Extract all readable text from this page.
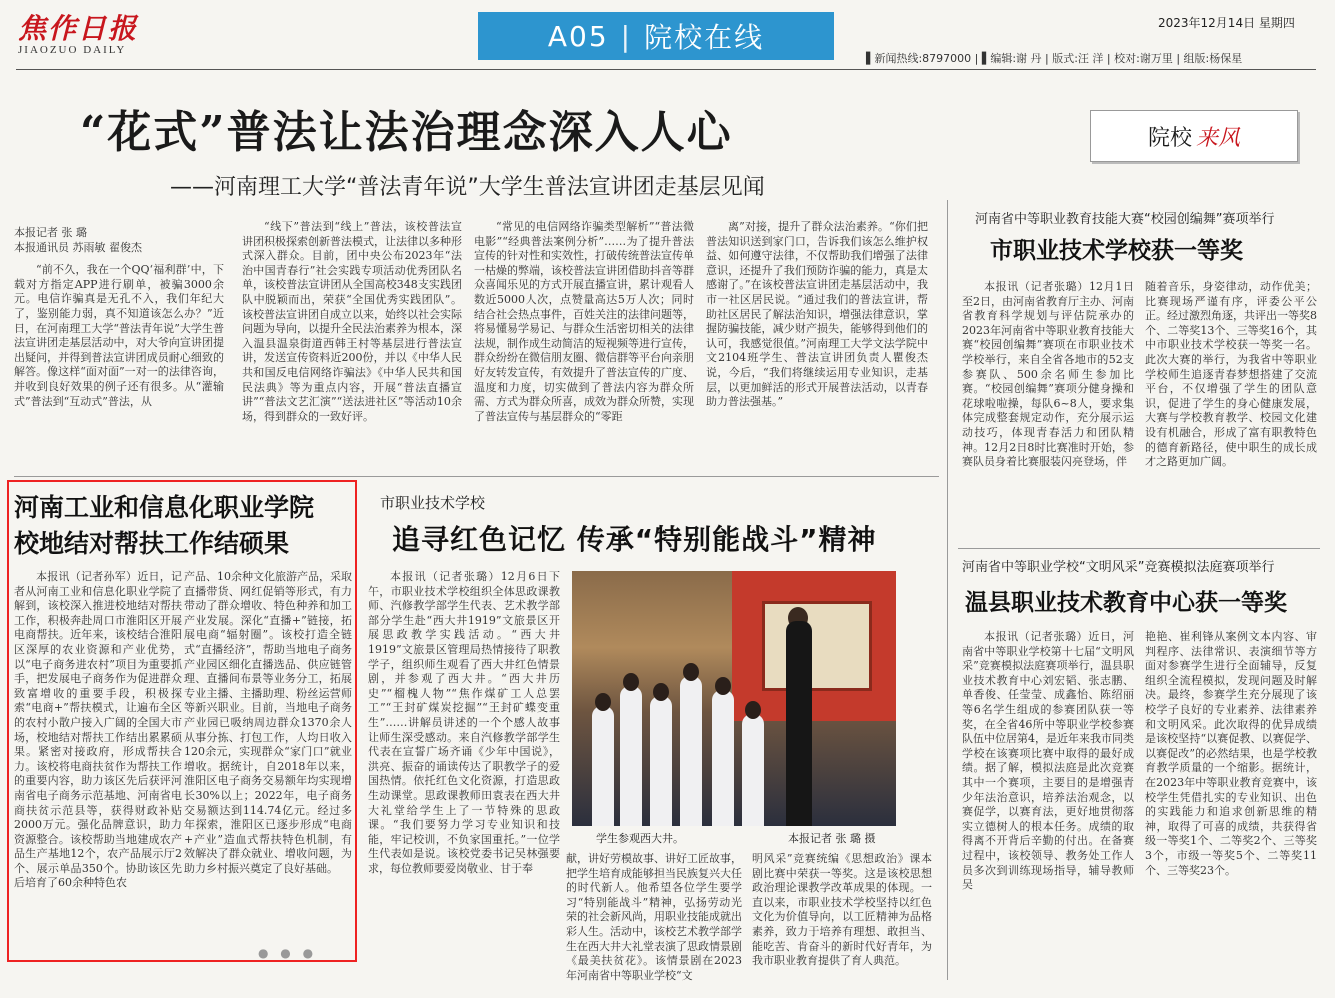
焦作日报
JIAOZUO DAILY	A05 | 院校在线	2023年12月14日 星期四
▌新闻热线:8797000 | ▌编辑:谢 丹 | 版式:汪 洋 | 校对:谢万里 | 组版:杨保星
“花式”普法让法治理念深入人心
——河南理工大学“普法青年说”大学生普法宣讲团走基层见闻
院校 来风

本报记者 张 璐

本报通讯员 苏雨敏 翟俊杰

“前不久，我在一个QQ‘福利群’中，下载对方指定APP进行刷单，被骗3000余元。电信诈骗真是无孔不入，我们年纪大了，鉴别能力弱，真不知道该怎么办？”近日，在河南理工大学“普法青年说”大学生普法宣讲团走基层活动中，对大爷向宣讲团提出疑问，并得到普法宣讲团成员耐心细致的解答。像这样“面对面”一对一的法律咨询，并收到良好效果的例子还有很多。从“灌输式”普法到“互动式”普法，从

“线下”普法到“线上”普法，该校普法宣讲团积极探索创新普法模式，让法律以多种形式深入群众。目前，团中央公布2023年“法治中国青春行”社会实践专项活动优秀团队名单，该校普法宣讲团从全国高校348支实践团队中脱颖而出，荣获“全国优秀实践团队”。该校普法宣讲团自成立以来，始终以社会实际问题为导向，以提升全民法治素养为根本，深入温县温泉街道西韩王村等基层进行普法宣讲，发送宣传资料近200份，并以《中华人民共和国反电信网络诈骗法》《中华人民共和国民法典》等为重点内容，开展“普法直播宣讲”“普法文艺汇演”“送法进社区”等活动10余场，得到群众的一致好评。

“常见的电信网络诈骗类型解析”“普法微电影”“经典普法案例分析”……为了提升普法宣传的针对性和实效性，打破传统普法宣传单一枯燥的弊端，该校普法宣讲团借助抖音等群众喜闻乐见的方式开展直播宣讲，累计观看人数近5000人次，点赞量高达5万人次；同时结合社会热点事件，百姓关注的法律问题等，将易懂易学易记、与群众生活密切相关的法律法规，制作成生动简洁的短视频等进行宣传，群众纷纷在微信朋友圈、微信群等平台向亲朋好友转发宣传，有效提升了普法宣传的广度、温度和力度，切实做到了普法内容为群众所需、方式为群众所喜，成效为群众所赞，实现了普法宣传与基层群众的“零距

离”对接，提升了群众法治素养。“你们把普法知识送到家门口，告诉我们该怎么维护权益、如何遵守法律，不仅帮助我们增强了法律意识，还提升了我们预防诈骗的能力，真是太感谢了。”在该校普法宣讲团走基层活动中，我市一社区居民说。“通过我们的普法宣讲，帮助社区居民了解法治知识，增强法律意识，掌握防骗技能，减少财产损失，能够得到他们的认可，我感觉很值。”河南理工大学文法学院中文2104班学生、普法宣讲团负责人瞿俊杰说，今后，“我们将继续运用专业知识，走基层，以更加鲜活的形式开展普法活动，以青春助力普法强基。”

河南省中等职业教育技能大赛“校园创编舞”赛项举行
市职业技术学校获一等奖

本报讯（记者张璐）12月1日至2日，由河南省教育厅主办、河南省教育科学规划与评估院承办的2023年河南省中等职业教育技能大赛“校园创编舞”赛项在市职业技术学校举行，来自全省各地市的52支参赛队、500余名师生参加比赛。“校园创编舞”赛项分健身操和花球啦啦操，每队6~8人，要求集体完成整套规定动作，充分展示运动技巧，体现青春活力和团队精神。12月2日8时比赛准时开始，参赛队员身着比赛服装闪亮登场，伴

随着音乐，身姿律动，动作优美；比赛现场严谨有序，评委公平公正。经过激烈角逐，共评出一等奖8个、二等奖13个、三等奖16个，其中市职业技术学校获一等奖一名。此次大赛的举行，为我省中等职业学校师生追逐青春梦想搭建了交流平台，不仅增强了学生的团队意识，促进了学生的身心健康发展，大赛与学校教育教学、校园文化建设有机融合，形成了富有职教特色的德育新路径，使中职生的成长成才之路更加广阔。

河南省中等职业学校“文明风采”竞赛模拟法庭赛项举行
温县职业技术教育中心获一等奖

本报讯（记者张璐）近日，河南省中等职业学校第十七届“文明风采”竞赛模拟法庭赛项举行，温县职业技术教育中心刘宏韬、张志鹏、单香俊、任莹莹、成鑫怡、陈绍丽等6名学生组成的参赛团队获一等奖，在全省46所中等职业学校参赛队伍中位居第4，是近年来我市同类学校在该赛项比赛中取得的最好成绩。据了解，模拟法庭是此次竞赛其中一个赛项，主要目的是增强青少年法治意识，培养法治观念，以赛促学，以赛育法，更好地贯彻落实立德树人的根本任务。成绩的取得离不开背后辛勤的付出。在备赛过程中，该校领导、教务处工作人员多次到训练现场指导，辅导教师吴

艳艳、崔利锋从案例文本内容、审判程序、法律常识、表演细节等方面对参赛学生进行全面辅导，反复组织全流程模拟，发现问题及时解决。最终，参赛学生充分展现了该校学子良好的专业素养、法律素养和文明风采。此次取得的优异成绩是该校坚持“以赛促教、以赛促学、以赛促改”的必然结果，也是学校教育教学质量的一个缩影。据统计，在2023年中等职业教育竞赛中，该校学生凭借扎实的专业知识、出色的实践能力和追求创新思维的精神，取得了可喜的成绩，共获得省级一等奖1个、二等奖2个、三等奖3个，市级一等奖5个、二等奖11个、三等奖23个。

河南工业和信息化职业学院
校地结对帮扶工作结硕果

本报讯（记者孙军）近日，记者从河南工业和信息化职业学院了解到，该校深入推进校地结对帮扶工作，积极奔赴周口市淮阳区开展电商帮扶。近年来，该校结合淮阳区深厚的农业资源和产业优势，以“电子商务进农村”项目为重要抓手，把发展电子商务作为促进群众致富增收的重要手段，积极探索“电商+”帮扶模式，让遍布全区的农村小散户接入广阔的全国大市场，校地结对帮扶工作结出累累硕果。紧密对接政府，形成帮扶合力。该校将电商扶贫作为帮扶工作的重要内容，助力该区先后获评河南省电子商务示范基地、河南省电商扶贫示范县等，获得财政补贴2000万元。强化品牌意识，助力资源整合。该校帮助当地建成农产品生产基地12个，农产品展示厅2个、展示单品350个。协助该区先后培育了60余种特色农

产品、10余种文化旅游产品，采取直播带货、网红促销等形式，有力带动了群众增收、特色种养和加工产业发展。深化“直播+”链接，拓展电商“辐射圈”。该校打造全链式“直播经济”，帮助当地电子商务产业园区细化直播选品、供应链管理、直播间布景等业务分工，拓展专业主播、主播助理、粉丝运营师等新兴职业。目前，当地电子商务产业园已吸纳周边群众1370余人从事分拣、打包工作，人均日收入120余元，实现群众“家门口”就业增收。据统计，自2018年以来，淮阳区电子商务交易额年均实现增长30%以上；2022年，电子商务交易额达到114.74亿元。经过多年探索，淮阳区已逐步形成“电商+产业”造血式帮扶特色机制，有效解决了群众就业、增收问题，为助力乡村振兴奠定了良好基础。

● ● ●
市职业技术学校
追寻红色记忆 传承“特别能战斗”精神

本报讯（记者张璐）12月6日下午，市职业技术学校组织全体思政课教师、汽修教学部学生代表、艺术教学部部分学生赴“西大井1919”文旅景区开展思政教学实践活动。“西大井1919”文旅景区管理局热情接待了职教学子，组织师生观看了西大井红色情景剧，并参观了西大井。“西大井历史”“榴槐人物”“焦作煤矿工人总罢工”“王封矿煤炭挖掘”“王封矿蝶变重生”……讲解员讲述的一个个感人故事让师生深受感动。来自汽修教学部学生代表在宣誓广场齐诵《少年中国说》，洪亮、振奋的诵读传达了职教学子的爱国热情。依托红色文化资源，打造思政生动课堂。思政课教师田袁表在西大井大礼堂给学生上了一节特殊的思政课。“我们要努力学习专业知识和技能，牢记校训，不负家国重托。”一位学生代表如是说。该校党委书记吴林强要求，每位教师要爱岗敬业、甘于奉

学生参观西大井。	本报记者 张 璐 摄

献，讲好劳模故事、讲好工匠故事，把学生培育成能够担当民族复兴大任的时代新人。他希望各位学生要学习“特别能战斗”精神，弘扬劳动光荣的社会新风尚，用职业技能成就出彩人生。活动中，该校艺术教学部学生在西大井大礼堂表演了思政情景剧《最美扶贫花》。该情景剧在2023年河南省中等职业学校“文

明风采”竞赛统编《思想政治》课本剧比赛中荣获一等奖。这是该校思想政治理论课教学改革成果的体现。一直以来，市职业技术学校坚持以红色文化为价值导向，以工匠精神为品格素养，致力于培养有理想、敢担当、能吃苦、肯奋斗的新时代好青年，为我市职业教育提供了育人典范。
